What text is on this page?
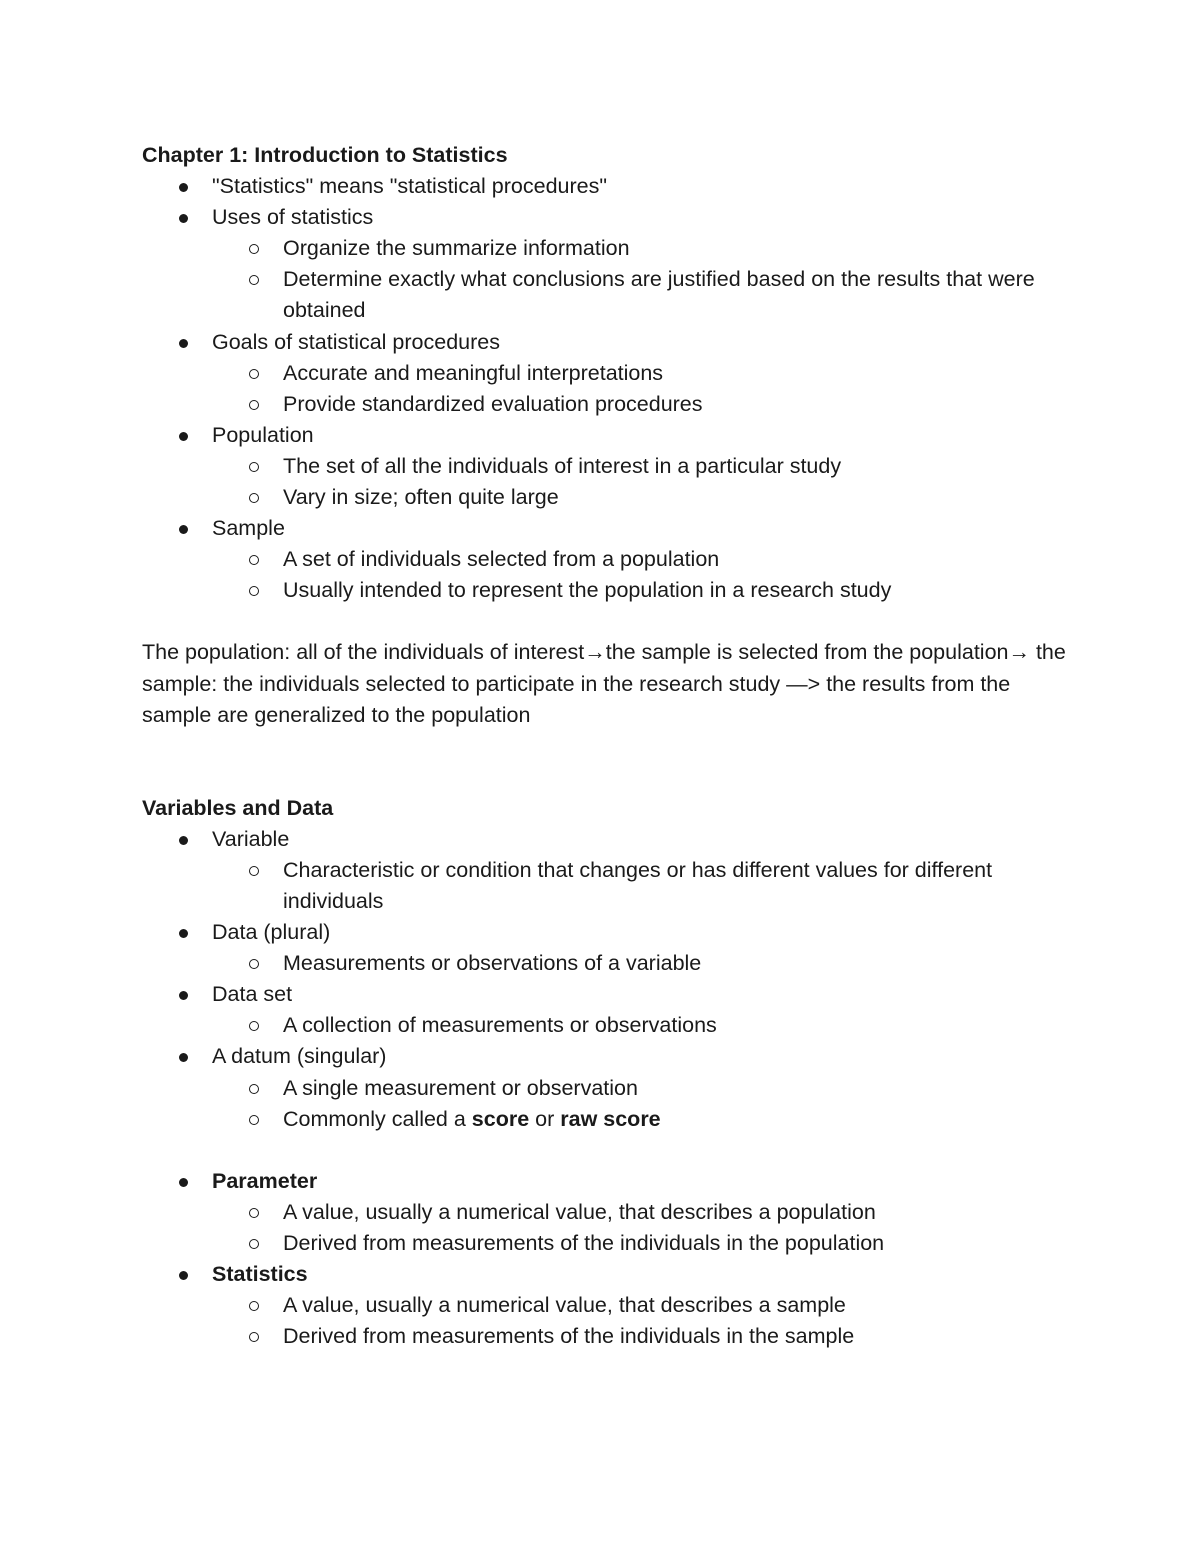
Chapter 1: Introduction to Statistics
"Statistics" means "statistical procedures"
Uses of statistics
Organize the summarize information
Determine exactly what conclusions are justified based on the results that were obtained
Goals of statistical procedures
Accurate and meaningful interpretations
Provide standardized evaluation procedures
Population
The set of all the individuals of interest in a particular study
Vary in size; often quite large
Sample
A set of individuals selected from a population
Usually intended to represent the population in a research study
The population: all of the individuals of interest→the sample is selected from the population→ the sample: the individuals selected to participate in the research study —> the results from the sample are generalized to the population
Variables and Data
Variable
Characteristic or condition that changes or has different values for different individuals
Data (plural)
Measurements or observations of a variable
Data set
A collection of measurements or observations
A datum (singular)
A single measurement or observation
Commonly called a score or raw score
Parameter
A value, usually a numerical value, that describes a population
Derived from measurements of the individuals in the population
Statistics
A value, usually a numerical value, that describes a sample
Derived from measurements of the individuals in the sample
